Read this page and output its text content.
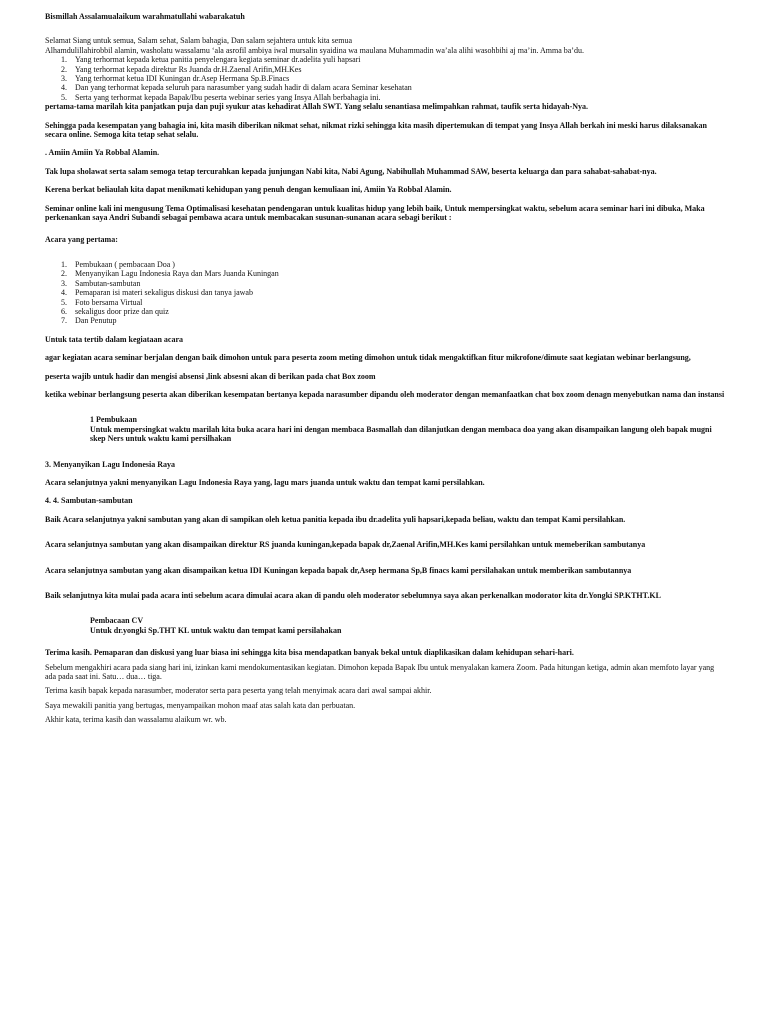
Bismillah Assalamualaikum warahmatullahi wabarakatuh

Selamat Siang untuk semua, Salam sehat, Salam bahagia, Dan salam sejahtera untuk kita semua

Alhamdulillahirobbil alamin, washolatu wassalamu ‘ala asrofil ambiya iwal mursalin syaidina wa maulana Muhammadin wa’ala alihi wasohbihi aj ma’in. Amma ba’du.

1.	Yang terhormat kepada ketua panitia penyelengara kegiata seminar dr.adelita yuli hapsari
2.	Yang terhormat kepada direktur Rs Juanda dr.H.Zaenal Arifin,MH.Kes
3.	Yang terhormat ketua IDI Kuningan dr.Asep Hermana Sp.B.Finacs
4.	Dan yang terhormat kepada seluruh para narasumber yang sudah hadir di dalam acara Seminar kesehatan
5.	Serta yang terhormat kepada Bapak/Ibu peserta webinar series yang Insya Allah berbahagia ini.

pertama-tama marilah kita panjatkan puja dan puji syukur atas kehadirat Allah SWT. Yang selalu senantiasa melimpahkan rahmat, taufik serta hidayah-Nya.

Sehingga pada kesempatan yang bahagia ini, kita masih diberikan nikmat sehat, nikmat rizki sehingga kita masih dipertemukan di tempat yang Insya Allah berkah ini meski harus dilaksanakan secara online. Semoga kita tetap sehat selalu.

. Amiin Amiin Ya Robbal Alamin.

Tak lupa sholawat serta salam semoga tetap tercurahkan kepada junjungan Nabi kita, Nabi Agung, Nabihullah Muhammad SAW, beserta keluarga dan para sahabat-sahabat-nya.

Kerena berkat beliaulah kita dapat menikmati kehidupan yang penuh dengan kemuliaan ini, Amiin Ya Robbal Alamin.

Seminar online kali ini mengusung Tema Optimalisasi kesehatan pendengaran untuk kualitas hidup yang lebih baik, Untuk mempersingkat waktu, sebelum acara seminar hari ini dibuka, Maka perkenankan saya Andri Subandi sebagai pembawa acara untuk membacakan susunan-sunanan acara sebagi berikut :

Acara yang pertama:

1.	Pembukaan ( pembacaan Doa )
2.	Menyanyikan Lagu Indonesia Raya dan Mars Juanda Kuningan
3.	Sambutan-sambutan
4.	Pemaparan isi materi sekaligus diskusi dan tanya jawab
5.	Foto bersama Virtual
6.	sekaligus door prize dan quiz
7.	Dan Penutup

Untuk tata tertib dalam kegiataan acara

agar kegiatan acara seminar berjalan dengan baik dimohon untuk para peserta zoom meting dimohon untuk tidak mengaktifkan fitur mikrofone/dimute saat kegiatan webinar berlangsung,

peserta wajib untuk hadir dan mengisi absensi ,link absesni akan di berikan pada chat Box zoom

ketika webinar berlangsung peserta akan diberikan kesempatan bertanya kepada narasumber dipandu oleh moderator dengan memanfaatkan chat box zoom denagn menyebutkan nama dan instansi

1 Pembukaan

Untuk mempersingkat waktu marilah kita buka acara hari ini dengan membaca Basmallah dan dilanjutkan dengan membaca doa yang akan disampaikan langung oleh bapak mugni skep Ners untuk waktu kami persilhakan

3. Menyanyikan Lagu Indonesia Raya

Acara selanjutnya yakni menyanyikan Lagu Indonesia Raya yang, lagu mars juanda untuk waktu dan tempat kami persilahkan.

4. 4. Sambutan-sambutan

Baik Acara selanjutnya yakni sambutan yang akan di sampikan oleh ketua panitia kepada ibu dr.adelita yuli hapsari,kepada beliau, waktu dan tempat Kami persilahkan.

Acara selanjutnya sambutan yang akan disampaikan direktur RS juanda kuningan,kepada bapak dr,Zaenal Arifin,MH.Kes kami persilahkan untuk memeberikan sambutanya

Acara selanjutnya sambutan yang akan disampaikan ketua IDI Kuningan kepada bapak dr,Asep hermana Sp,B finacs kami persilahakan untuk memberikan sambutannya

Baik selanjutnya kita mulai pada acara inti sebelum acara dimulai acara akan di pandu oleh moderator sebelumnya saya akan perkenalkan modorator kita dr.Yongki SP.KTHT.KL

Pembacaan CV

Untuk dr.yongki Sp.THT KL untuk waktu dan tempat kami persilahakan

Terima kasih. Pemaparan dan diskusi yang luar biasa ini sehingga kita bisa mendapatkan banyak bekal untuk diaplikasikan dalam kehidupan sehari-hari.

Sebelum mengakhiri acara pada siang hari ini, izinkan kami mendokumentasikan kegiatan. Dimohon kepada Bapak Ibu untuk menyalakan kamera Zoom. Pada hitungan ketiga, admin akan memfoto layar yang ada pada saat ini. Satu… dua… tiga.

Terima kasih bapak kepada narasumber, moderator serta para peserta yang telah menyimak acara dari awal sampai akhir.

Saya mewakili panitia yang bertugas, menyampaikan mohon maaf atas salah kata dan perbuatan.

Akhir kata, terima kasih dan wassalamu alaikum wr. wb.
